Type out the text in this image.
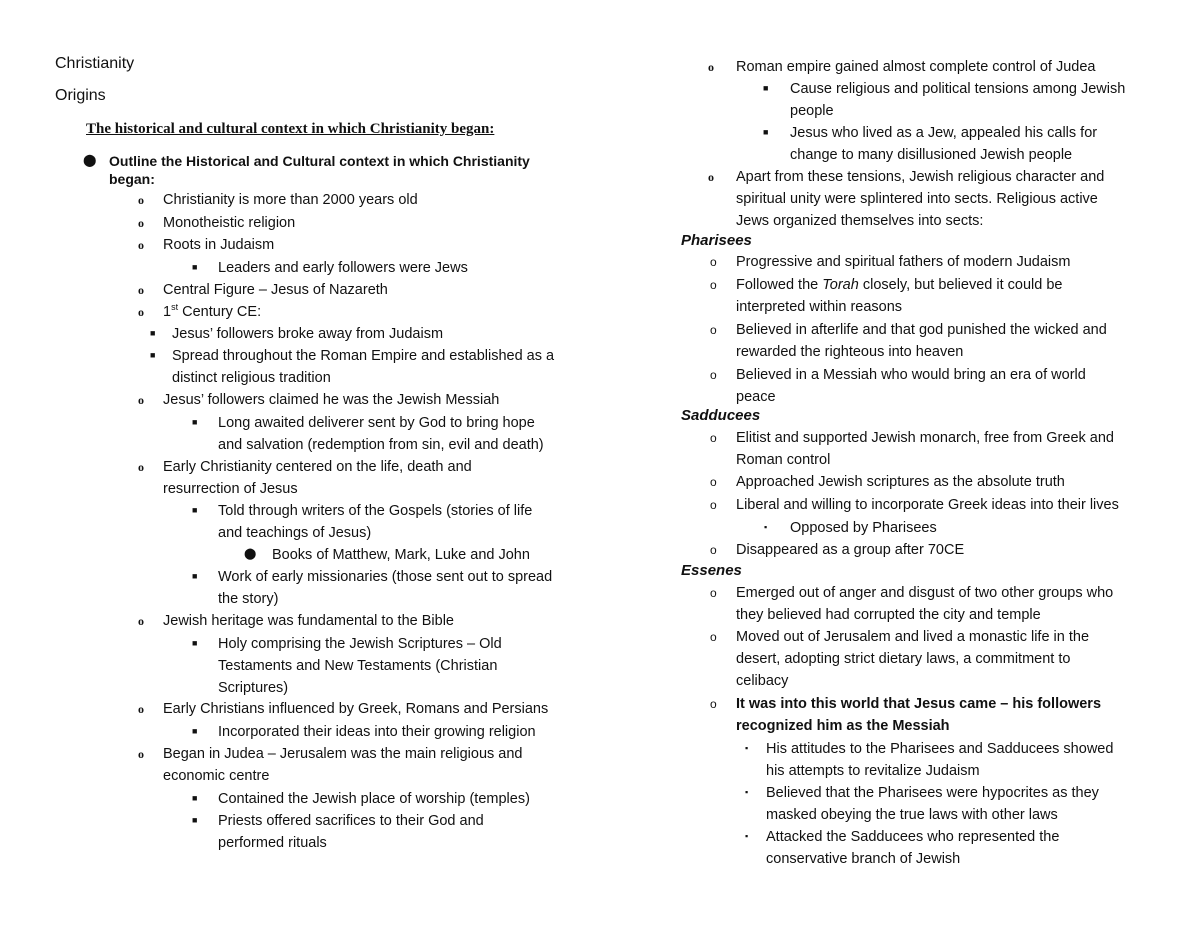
Christianity
Origins
The historical and cultural context in which Christianity began:
⬤ Outline the Historical and Cultural context in which Christianity
began:
o Christianity is more than 2000 years old
o Monotheistic religion
o Roots in Judaism
■ Leaders and early followers were Jews
o Central Figure – Jesus of Nazareth
o 1st Century CE:
■ Jesus’ followers broke away from Judaism
■ Spread throughout the Roman Empire and established as a
distinct religious tradition
o Jesus’ followers claimed he was the Jewish Messiah
■ Long awaited deliverer sent by God to bring hope
and salvation (redemption from sin, evil and death)
o Early Christianity centered on the life, death and
resurrection of Jesus
■ Told through writers of the Gospels (stories of life
and teachings of Jesus)
⬤ Books of Matthew, Mark, Luke and John
■ Work of early missionaries (those sent out to spread
the story)
o Jewish heritage was fundamental to the Bible
■ Holy comprising the Jewish Scriptures – Old
Testaments and New Testaments (Christian
Scriptures)
o Early Christians influenced by Greek, Romans and Persians
■ Incorporated their ideas into their growing religion
o Began in Judea – Jerusalem was the main religious and
economic centre
■ Contained the Jewish place of worship (temples)
■ Priests offered sacrifices to their God and
performed rituals
o Roman empire gained almost complete control of Judea
■ Cause religious and political tensions among Jewish
people
■ Jesus who lived as a Jew, appealed his calls for
change to many disillusioned Jewish people
o Apart from these tensions, Jewish religious character and
spiritual unity were splintered into sects. Religious active
Jews organized themselves into sects:
Pharisees
o Progressive and spiritual fathers of modern Judaism
o Followed the Torah closely, but believed it could be
interpreted within reasons
o Believed in afterlife and that god punished the wicked and
rewarded the righteous into heaven
o Believed in a Messiah who would bring an era of world
peace
Sadducees
o Elitist and supported Jewish monarch, free from Greek and
Roman control
o Approached Jewish scriptures as the absolute truth
o Liberal and willing to incorporate Greek ideas into their lives
▪ Opposed by Pharisees
o Disappeared as a group after 70CE
Essenes
o Emerged out of anger and disgust of two other groups who
they believed had corrupted the city and temple
o Moved out of Jerusalem and lived a monastic life in the
desert, adopting strict dietary laws, a commitment to
celibacy
o It was into this world that Jesus came – his followers
recognized him as the Messiah
▪ His attitudes to the Pharisees and Sadducees showed
his attempts to revitalize Judaism
▪ Believed that the Pharisees were hypocrites as they
masked obeying the true laws with other laws
▪ Attacked the Sadducees who represented the
conservative branch of Jewish
